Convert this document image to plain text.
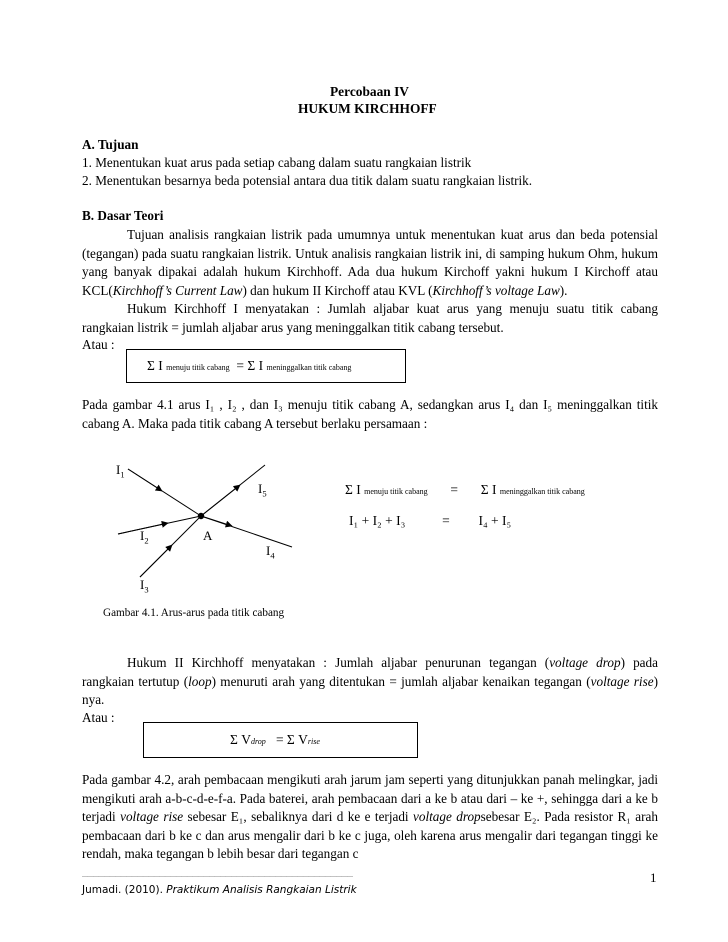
Percobaan IV
HUKUM KIRCHHOFF
A. Tujuan
1. Menentukan kuat arus pada setiap cabang dalam suatu rangkaian listrik
2. Menentukan besarnya beda potensial antara dua titik dalam suatu rangkaian listrik.
B. Dasar Teori
Tujuan analisis rangkaian listrik pada umumnya untuk menentukan kuat arus dan beda potensial (tegangan) pada suatu rangkaian listrik. Untuk analisis rangkaian listrik ini, di samping hukum Ohm, hukum yang banyak dipakai adalah hukum Kirchhoff. Ada dua hukum Kirchoff yakni hukum I Kirchoff atau KCL(Kirchhoff’s Current Law) dan hukum II Kirchoff atau KVL (Kirchhoff’s voltage Law).
Hukum Kirchhoff I menyatakan : Jumlah aljabar kuat arus yang menuju suatu titik cabang rangkaian listrik = jumlah aljabar arus yang meninggalkan titik cabang tersebut.
Atau :
Σ I menuju titik cabang = Σ I meninggalkan titik cabang
Pada gambar 4.1 arus I₁ , I₂ , dan I₃ menuju titik cabang A, sedangkan arus I₄ dan I₅ meninggalkan titik cabang A. Maka pada titik cabang A tersebut berlaku persamaan :
$I_1$
$I_5$
$I_2$	A
$I_4$
$I_3$
Gambar 4.1. Arus-arus pada titik cabang
Σ I menuju titik cabang = Σ I meninggalkan titik cabang
I₁ + I₂ + I₃	= I₄ + I₅
Hukum II Kirchhoff menyatakan : Jumlah aljabar penurunan tegangan (voltage drop) pada rangkaian tertutup (loop) menuruti arah yang ditentukan = jumlah aljabar kenaikan tegangan (voltage rise) nya.
Atau :
Σ Vdrop = Σ Vrise
Pada gambar 4.2, arah pembacaan mengikuti arah jarum jam seperti yang ditunjukkan panah melingkar, jadi mengikuti arah a-b-c-d-e-f-a. Pada baterei, arah pembacaan dari a ke b atau dari – ke +, sehingga dari a ke b terjadi voltage rise sebesar E₁, sebaliknya dari d ke e terjadi voltage dropsebesar E₂. Pada resistor R₁ arah pembacaan dari b ke c dan arus mengalir dari b ke c juga, oleh karena arus mengalir dari tegangan tinggi ke rendah, maka tegangan b lebih besar dari tegangan c
_________________________________________________	1
Jumadi. (2010). Praktikum Analisis Rangkaian Listrik
